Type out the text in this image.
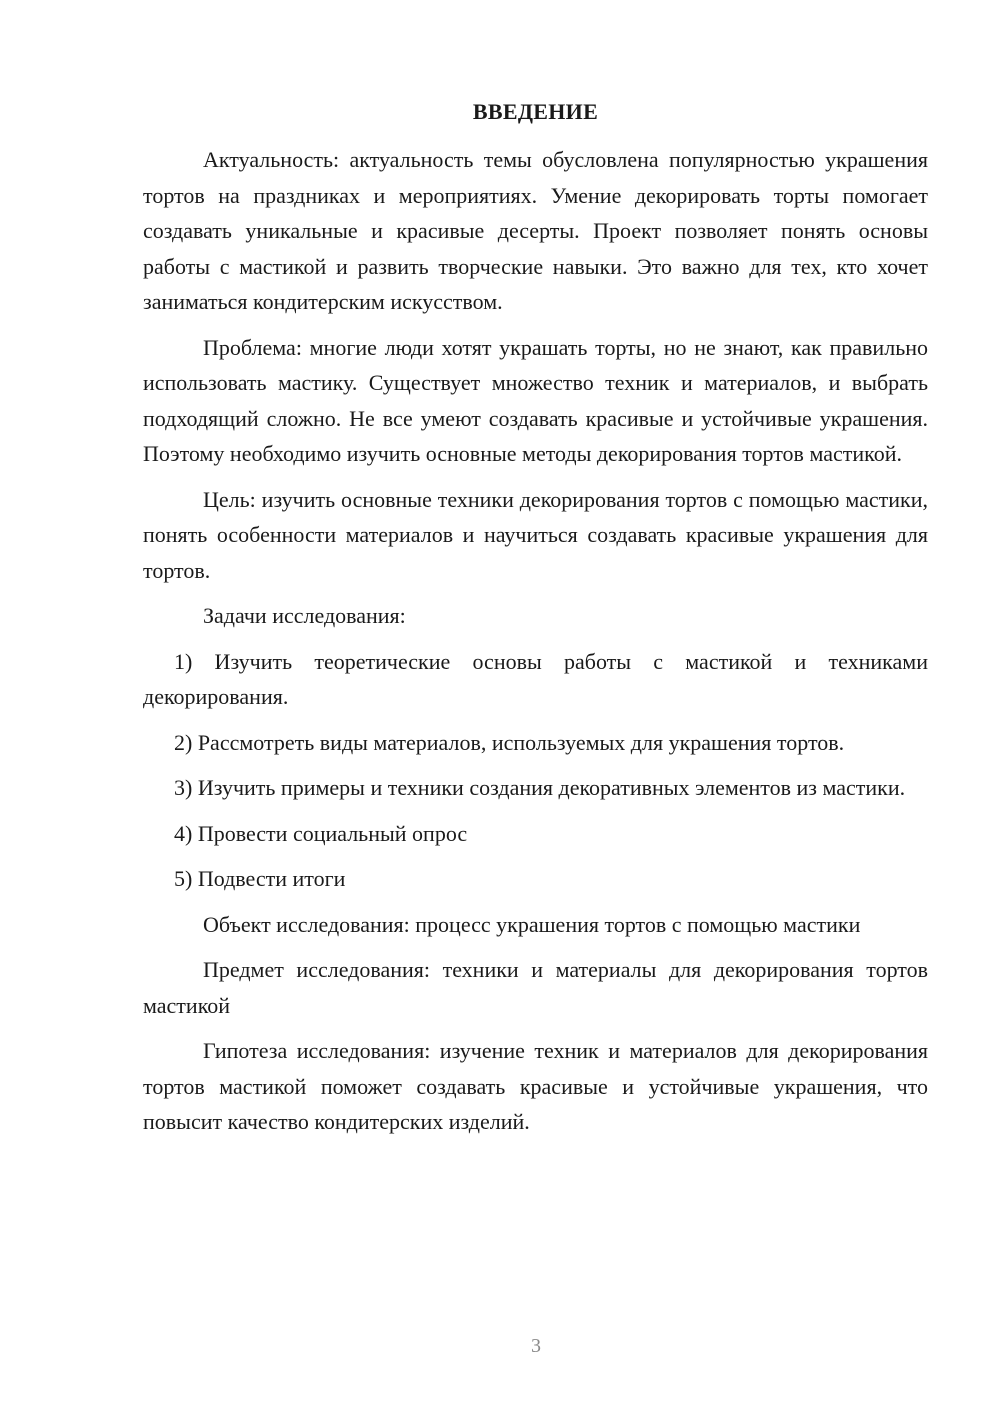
ВВЕДЕНИЕ

Актуальность: актуальность темы обусловлена популярностью украшения тортов на праздниках и мероприятиях. Умение декорировать торты помогает создавать уникальные и красивые десерты. Проект позволяет понять основы работы с мастикой и развить творческие навыки. Это важно для тех, кто хочет заниматься кондитерским искусством.

Проблема: многие люди хотят украшать торты, но не знают, как правильно использовать мастику. Существует множество техник и материалов, и выбрать подходящий сложно. Не все умеют создавать красивые и устойчивые украшения. Поэтому необходимо изучить основные методы декорирования тортов мастикой.

Цель: изучить основные техники декорирования тортов с помощью мастики, понять особенности материалов и научиться создавать красивые украшения для тортов.

Задачи исследования:

1) Изучить теоретические основы работы с мастикой и техниками декорирования.

2) Рассмотреть виды материалов, используемых для украшения тортов.

3) Изучить примеры и техники создания декоративных элементов из мастики.

4) Провести социальный опрос

5) Подвести итоги

Объект исследования: процесс украшения тортов с помощью мастики

Предмет исследования: техники и материалы для декорирования тортов мастикой

Гипотеза исследования: изучение техник и материалов для декорирования тортов мастикой поможет создавать красивые и устойчивые украшения, что повысит качество кондитерских изделий.

3
